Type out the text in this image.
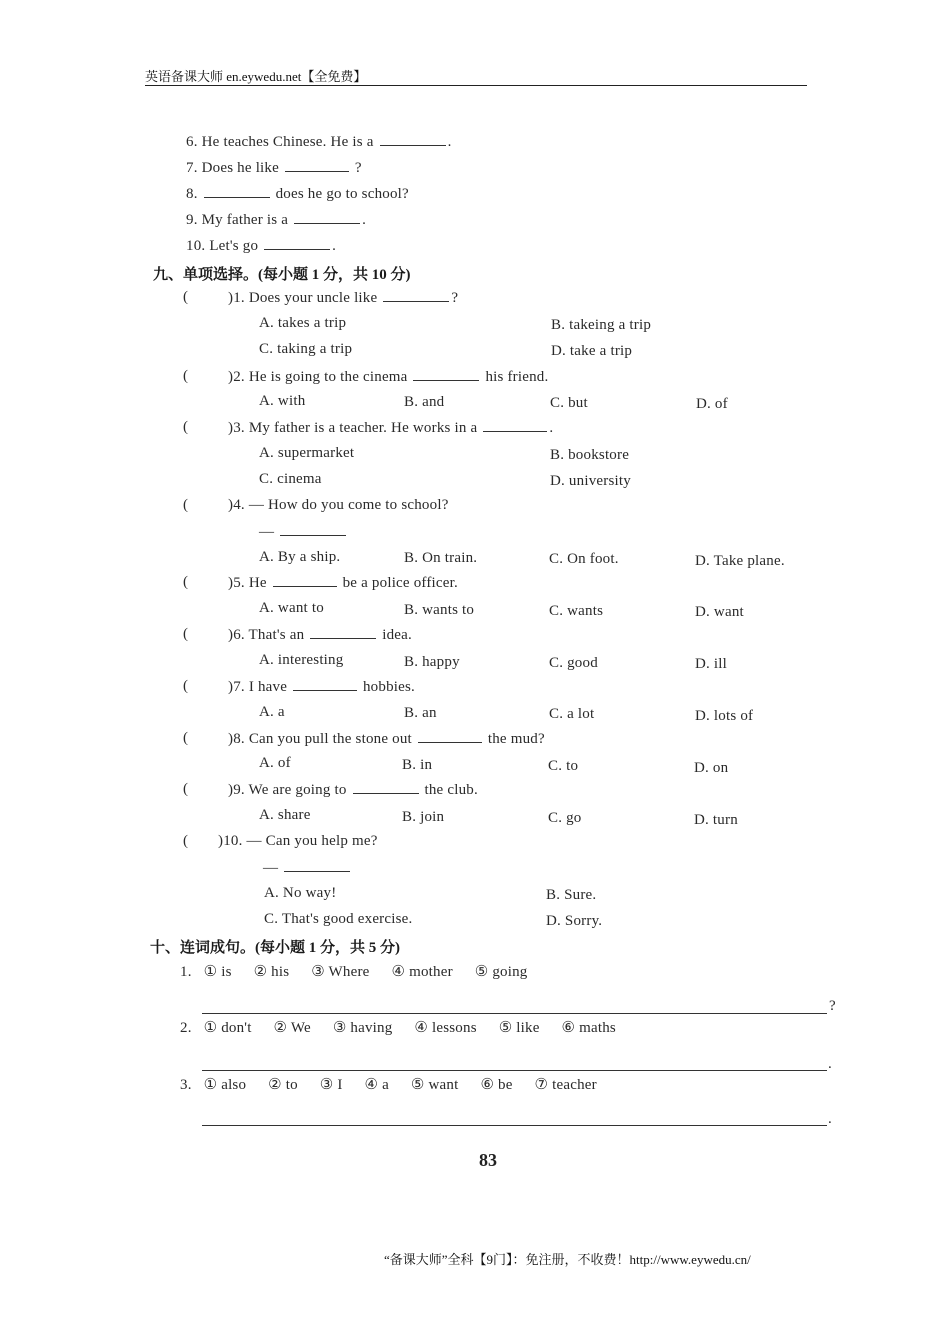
英语备课大师 en.eywedu.net【全免费】
6. He teaches Chinese. He is a	.
7. Does he like	?
8.	does he go to school?
9. My father is a	.
10. Let's go	.
九、单项选择。(每小题 1 分，共 10 分)
(	)1. Does your uncle like	?
A. takes a trip	B. takeing a trip
C. taking a trip	D. take a trip
(	)2. He is going to the cinema	his friend.
A. with	B. and	C. but	D. of
(	)3. My father is a teacher. He works in a	.
A. supermarket	B. bookstore
C. cinema	D. university
(	)4. — How do you come to school?
—
A. By a ship.	B. On train.	C. On foot.	D. Take plane.
(	)5. He	be a police officer.
A. want to	B. wants to	C. wants	D. want
(	)6. That's an	idea.
A. interesting	B. happy	C. good	D. ill
(	)7. I have	hobbies.
A. a	B. an	C. a lot	D. lots of
(	)8. Can you pull the stone out	the mud?
A. of	B. in	C. to	D. on
(	)9. We are going to	the club.
A. share	B. join	C. go	D. turn
( )10. — Can you help me?
—
A. No way!	B. Sure.
C. That's good exercise.	D. Sorry.
十、连词成句。(每小题 1 分，共 5 分)
1. ① is ② his ③ Where ④ mother ⑤ going
?
2. ① don't ② We ③ having ④ lessons ⑤ like ⑥ maths
.
3. ① also ② to ③ I ④ a ⑤ want ⑥ be ⑦ teacher
.
83
“备课大师”全科【9门】：免注册，不收费！http://www.eywedu.cn/
